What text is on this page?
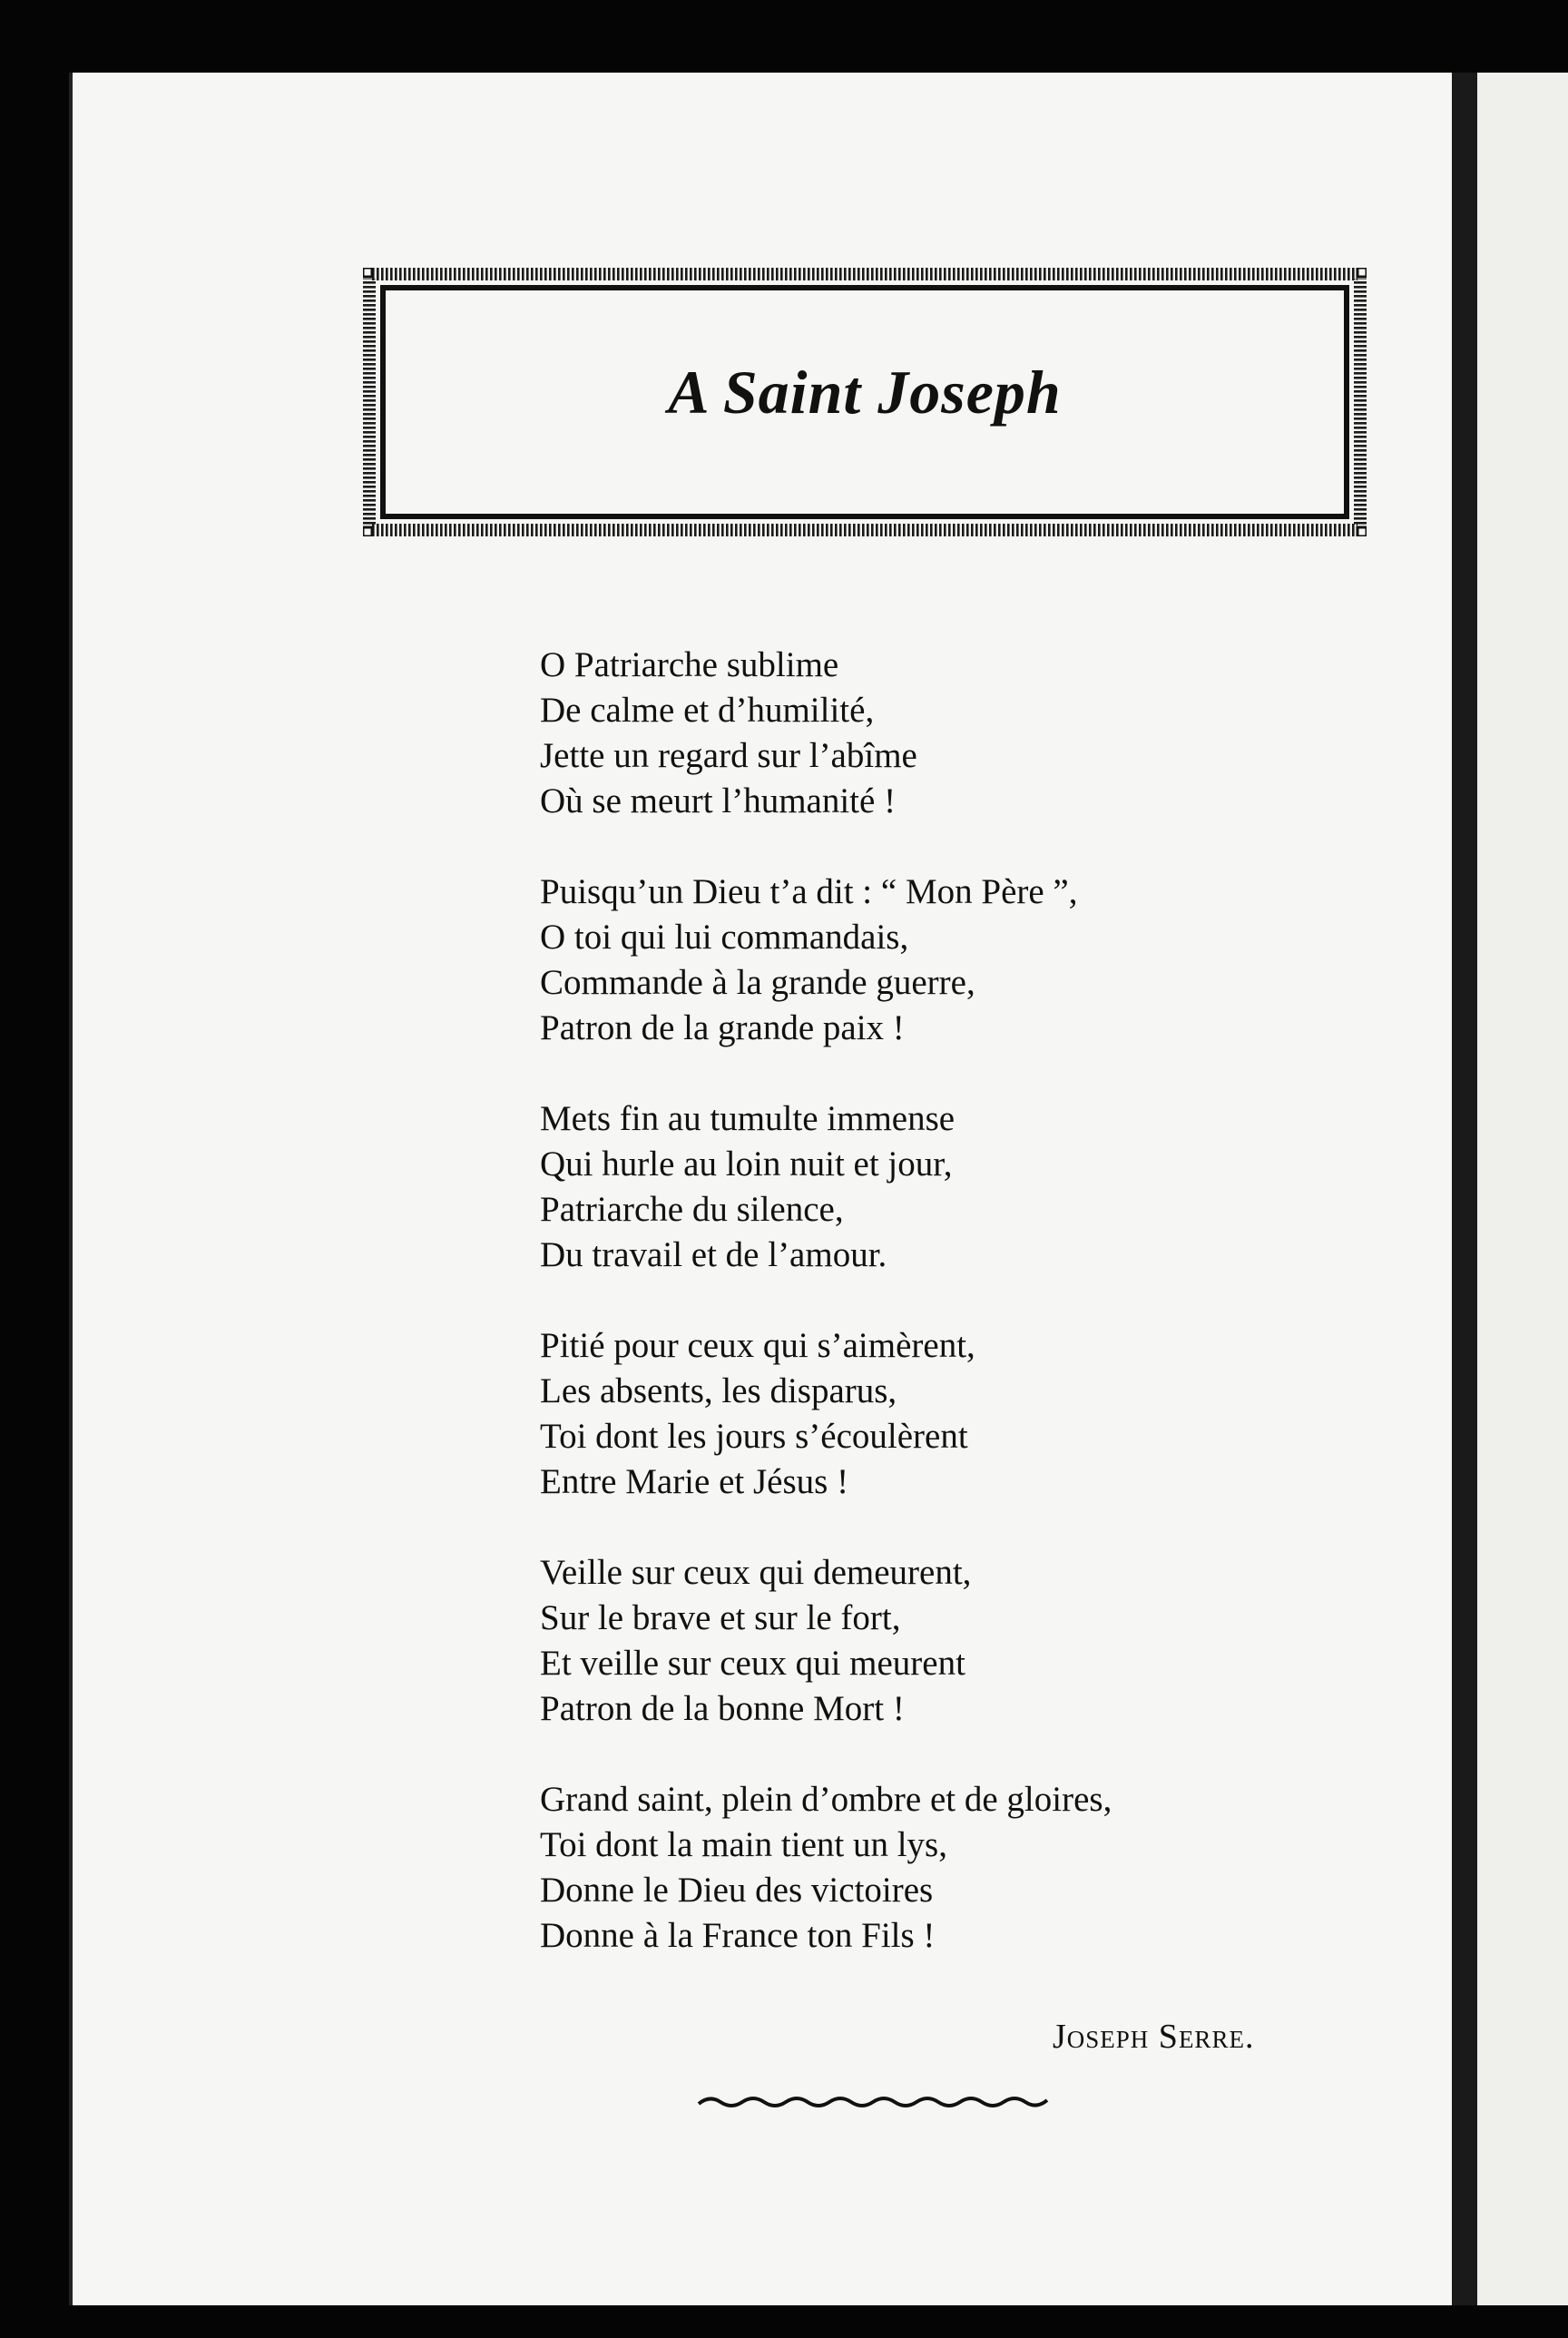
A Saint Joseph
O Patriarche sublime
De calme et d’humilité,
Jette un regard sur l’abîme
Où se meurt l’humanité !
Puisqu’un Dieu t’a dit : “ Mon Père ”,
O toi qui lui commandais,
Commande à la grande guerre,
Patron de la grande paix !
Mets fin au tumulte immense
Qui hurle au loin nuit et jour,
Patriarche du silence,
Du travail et de l’amour.
Pitié pour ceux qui s’aimèrent,
Les absents, les disparus,
Toi dont les jours s’écoulèrent
Entre Marie et Jésus !
Veille sur ceux qui demeurent,
Sur le brave et sur le fort,
Et veille sur ceux qui meurent
Patron de la bonne Mort !
Grand saint, plein d’ombre et de gloires,
Toi dont la main tient un lys,
Donne le Dieu des victoires
Donne à la France ton Fils !
Joseph Serre.
